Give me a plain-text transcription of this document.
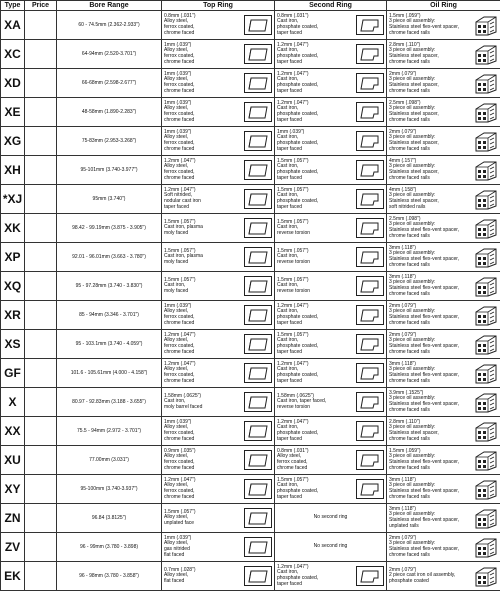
Type	Price	Bore Range	Top Ring	Second Ring	Oil Ring
XA		60 - 74.5mm (2.362-2.933")	0.8mm (.031")
Alloy steel,
ferrox coated,
chrome faced	0.8mm (.031")
Cast iron,
phosphate coated,
taper faced	1.5mm (.059")
3 piece oil assembly:
Stainless steel flex-vent spacer,
chrome faced rails

XC		64-94mm (2.520-3.701")	1mm (.039")
Alloy steel,
ferrox coated,
chrome faced	1.2mm (.047")
Cast iron,
phosphate coated,
taper faced	2.8mm (.110")
3 piece oil assembly:
Stainless steel spacer,
chrome faced rails

XD		66-68mm (2.598-2.677")	1mm (.039")
Alloy steel,
ferrox coated,
chrome faced	1.2mm (.047")
Cast iron,
phosphate coated,
taper faced	2mm (.079")
3 piece oil assembly:
Stainless steel spacer,
chrome faced rails

XE		48-58mm (1.890-2.283")	1mm (.039")
Alloy steel,
ferrox coated,
chrome faced	1.2mm (.047")
Cast iron,
phosphate coated,
taper faced	2.5mm (.098")
3 piece oil assembly:
Stainless steel spacer,
chrome faced rails

XG		75-83mm (2.953-3.268")	1mm (.039")
Alloy steel,
ferrox coated,
chrome faced	1mm (.039")
Cast iron,
phosphate coated,
taper faced	2mm (.079")
3 piece oil assembly:
Stainless steel spacer,
chrome faced rails

XH		95-101mm (3.740-3.977")	1.2mm (.047")
Alloy steel,
ferrox coated,
chrome faced	1.5mm (.057")
Cast iron,
phosphate coated,
taper faced	4mm (.157")
3 piece oil assembly:
Stainless steel spacer,
chrome faced rails

*XJ		95mm (3.740")	1.2mm (.047")
Soft nitrided,
nodular cast iron
taper faced	1.5mm (.057")
Cast iron,
phosphate coated,
taper faced	4mm (.158")
3 piece oil assembly:
Stainless steel spacer,
soft nitrided rails

XK		98.42 - 99.19mm (3.875 - 3.905")	1.5mm (.057")
Cast iron, plasma
moly faced	1.5mm (.057")
Cast iron,
reverse torsion	2.5mm (.098")
3 piece oil assembly:
Stainless steel flex-vent spacer,
chrome faced rails

XP		92.01 - 96.01mm (3.663 - 3.780")	1.5mm (.057")
Cast iron, plasma
moly faced	1.5mm (.057")
Cast iron,
reverse torsion	3mm (.118")
3 piece oil assembly:
Stainless steel flex-vent spacer,
chrome faced rails

XQ		95 - 97.28mm (3.740 - 3.830")	1.5mm (.057")
Cast iron,
moly faced	1.5mm (.057")
Cast iron,
reverse torsion	3mm (.118")
3 piece oil assembly:
Stainless steel flex-vent spacer,
chrome faced rails

XR		85 - 94mm (3.346 - 3.701")	1mm (.039")
Alloy steel,
ferrox coated,
chrome faced	1.2mm (.047")
Cast iron,
phosphate coated,
taper faced	2mm (.079")
3 piece oil assembly:
Stainless steel flex-vent spacer,
chrome faced rails

XS		95 - 103.1mm (3.740 - 4.059")	1.2mm (.047")
Alloy steel,
ferrox coated,
chrome faced	1.5mm (.057")
Cast iron,
phosphate coated,
taper faced	2mm (.079")
3 piece oil assembly:
Stainless steel flex-vent spacer,
chrome faced rails

GF		101.6 - 105.61mm (4.000 - 4.158")	1.2mm (.047")
Alloy steel,
ferrox coated,
chrome faced	1.2mm (.047")
Cast iron,
phosphate coated,
taper faced	3mm (.118")
3 piece oil assembly:
Stainless steel flex-vent spacer,
chrome faced rails

X		80.97 - 92.83mm (3.188 - 3.655")	1.58mm (.0625")
Cast iron,
moly barrel faced	1.58mm (.0625")
Cast iron, taper faced,
reverse torsion	3.9mm (.1525")
3 piece oil assembly:
Stainless steel flex-vent spacer,
chrome faced rails

XX		75.5 - 94mm (2.972 - 3.701")	1mm (.039")
Alloy steel,
ferrox coated,
chrome faced	1.2mm (.047")
Cast iron,
phosphate coated,
taper faced	2.8mm (.110")
3 piece oil assembly:
Stainless steel spacer,
chrome faced rails

XU		77.00mm (3.031")	0.9mm (.035")
Alloy steel,
ferrox coated,
chrome faced	0.8mm (.031")
Alloy steel,
ferrox coated,
chrome faced	1.5mm (.059")
3 piece oil assembly:
Stainless steel flex-vent spacer,
chrome faced rails

XY		95-100mm (3.740-3.937")	1.2mm (.047")
Alloy steel,
ferrox coated,
chrome faced	1.5mm (.057")
Cast iron,
phosphate coated,
taper faced	3mm (.118")
3 piece oil assembly:
Stainless steel flex-vent spacer,
chrome faced rails

ZN		96.84 (3.8125")	1.5mm (.057")
Alloy steel,
unplated face	No second ring	3mm (.118")
3 piece oil assembly:
Stainless steel flex-vent spacer,
unplated rails

ZV		96 - 99mm (3.780 - 3.898)	1mm (.039")
Alloy steel,
gas nitrided
flat faced	No second ring	2mm (.079")
3 piece oil assembly:
Stainless steel flex-vent spacer,
chrome faced rails

EK		96 - 98mm (3.780 - 3.858")	0.7mm (.028")
Alloy steel,
flat faced	1.2mm (.047")
Cast iron,
phosphate coated,
taper faced	2mm (.079")
2 piece cast iron oil assembly,
phosphate coated
